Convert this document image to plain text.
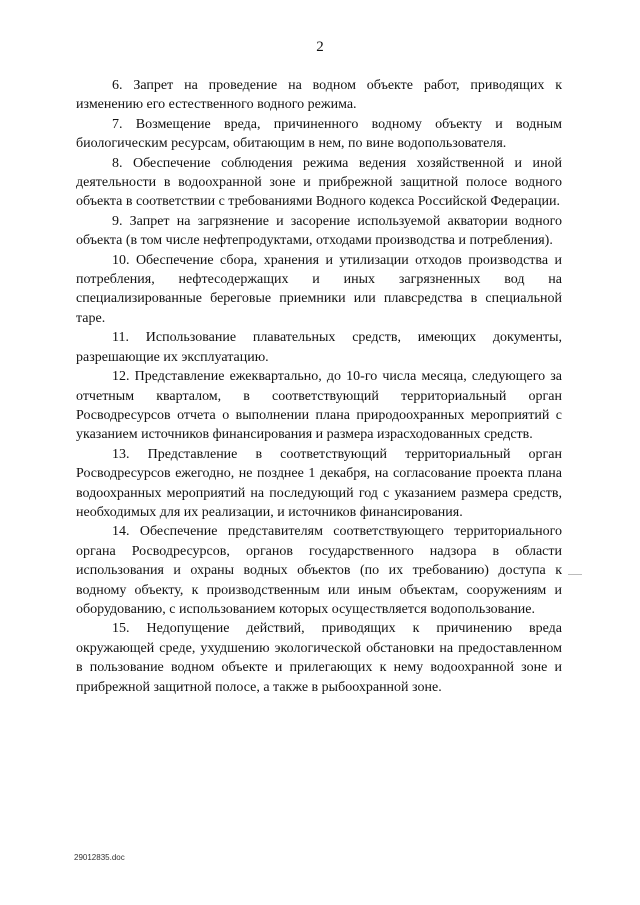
2

6. Запрет на проведение на водном объекте работ, приводящих к изменению его естественного водного режима.

7. Возмещение вреда, причиненного водному объекту и водным биологическим ресурсам, обитающим в нем, по вине водопользователя.

8. Обеспечение соблюдения режима ведения хозяйственной и иной деятельности в водоохранной зоне и прибрежной защитной полосе водного объекта в соответствии с требованиями Водного кодекса Российской Федерации.

9. Запрет на загрязнение и засорение используемой акватории водного объекта (в том числе нефтепродуктами, отходами производства и потребления).

10. Обеспечение сбора, хранения и утилизации отходов производства и потребления, нефтесодержащих и иных загрязненных вод на специализированные береговые приемники или плавсредства в специальной таре.

11. Использование плавательных средств, имеющих документы, разрешающие их эксплуатацию.

12. Представление ежеквартально, до 10-го числа месяца, следующего за отчетным кварталом, в соответствующий территориальный орган Росводресурсов отчета о выполнении плана природоохранных мероприятий с указанием источников финансирования и размера израсходованных средств.

13. Представление в соответствующий территориальный орган Росводресурсов ежегодно, не позднее 1 декабря, на согласование проекта плана водоохранных мероприятий на последующий год с указанием размера средств, необходимых для их реализации, и источников финансирования.

14. Обеспечение представителям соответствующего территориального органа Росводресурсов, органов государственного надзора в области использования и охраны водных объектов (по их требованию) доступа к водному объекту, к производственным или иным объектам, сооружениям и оборудованию, с использованием которых осуществляется водопользование.

15. Недопущение действий, приводящих к причинению вреда окружающей среде, ухудшению экологической обстановки на предоставленном в пользование водном объекте и прилегающих к нему водоохранной зоне и прибрежной защитной полосе, а также в рыбоохранной зоне.

29012835.doc
